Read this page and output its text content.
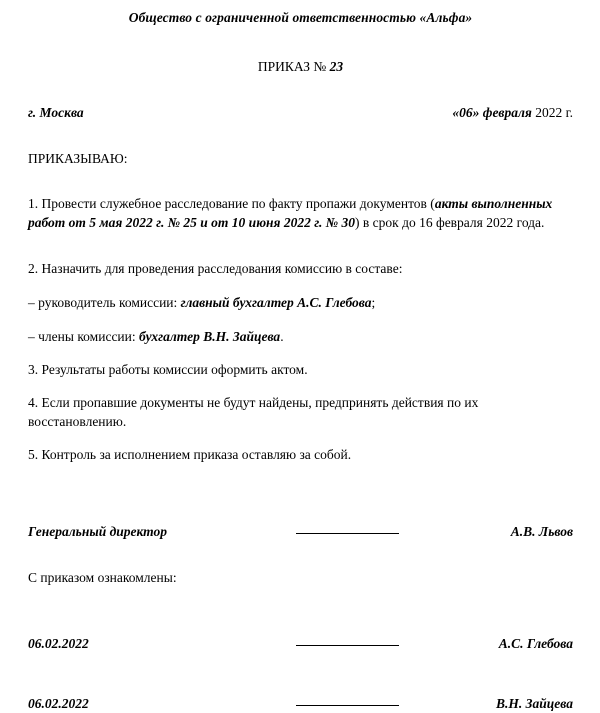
Общество с ограниченной ответственностью «Альфа»
ПРИКАЗ № 23
г. Москва	«06» февраля 2022 г.
ПРИКАЗЫВАЮ:
1. Провести служебное расследование по факту пропажи документов (акты выполненных работ от 5 мая 2022 г. № 25 и от 10 июня 2022 г. № 30) в срок до 16 февраля 2022 года.
2. Назначить для проведения расследования комиссию в составе:
– руководитель комиссии: главный бухгалтер А.С. Глебова;
– члены комиссии: бухгалтер В.Н. Зайцева.
3. Результаты работы комиссии оформить актом.
4. Если пропавшие документы не будут найдены, предпринять действия по их восстановлению.
5. Контроль за исполнением приказа оставляю за собой.
Генеральный директор	А.В. Львов
С приказом ознакомлены:
06.02.2022	А.С. Глебова
06.02.2022	В.Н. Зайцева
